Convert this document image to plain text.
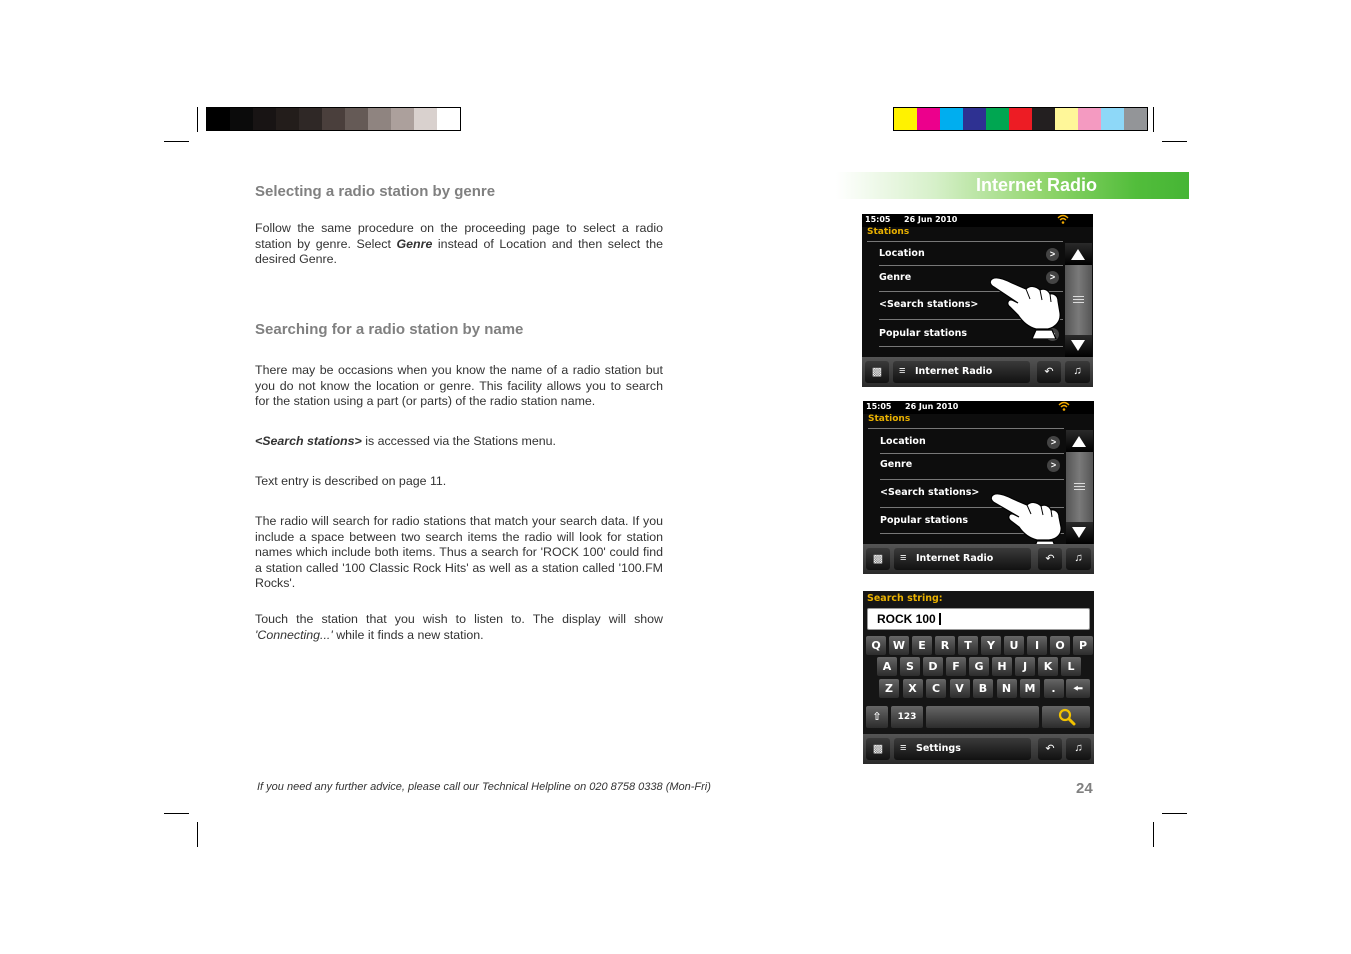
Internet Radio
Selecting a radio station by genre

Follow the same procedure on the proceeding page to select a radio station by genre. Select Genre instead of Location and then select the desired Genre.

Searching for a radio station by name

There may be occasions when you know the name of a radio station but you do not know the location or genre. This facility allows you to search for the station using a part (or parts) of the radio station name.

<Search stations> is accessed via the Stations menu.

Text entry is described on page 11.

The radio will search for radio stations that match your search data. If you include a space between two search items the radio will look for station names which include both items. Thus a search for 'ROCK 100' could find a station called '100 Classic Rock Hits' as well as a station called '100.FM Rocks'.

Touch the station that you wish to listen to. The display will show 'Connecting...' while it finds a new station.

If you need any further advice, please call our Technical Helpline on 020 8758 0338 (Mon-Fri)	24
15:05 26 Jun 2010
Stations
Location	>
Genre	>
<Search stations>
Popular stations
▩	≡ Internet Radio	↶	♫
15:05 26 Jun 2010
Stations
Location	>
Genre	>
<Search stations>
Popular stations
▩	≡ Internet Radio	↶	♫
Search string:
ROCK 100
Q	W	E	R	T	Y	U	I	O	P
A	S	D	F	G	H	J	K	L
Z	X	C	V	B	N	M	.	🠘
⇧	123
▩	≡ Settings	↶	♫
